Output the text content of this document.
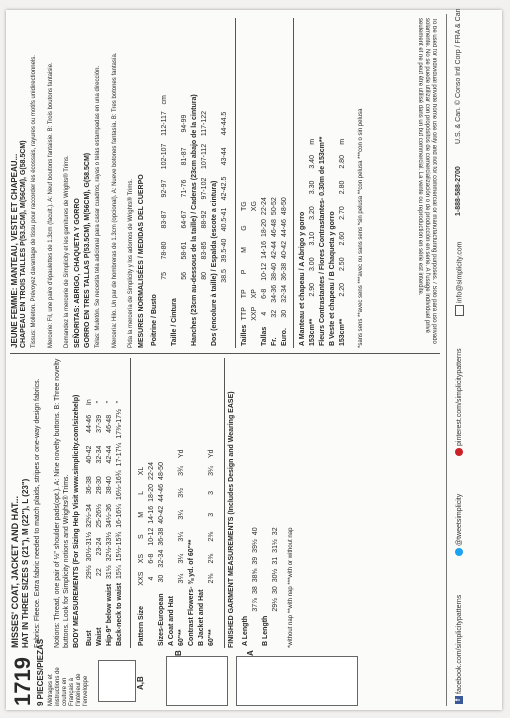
1719 9 PIECES/PIEZAS Métrages et instructions de couture en Français à l'intérieur de l'enveloppe	A,B
B	A
MISSES' COAT, JACKET AND HAT... HAT IN THREE SIZES S (21"), M (22"), L (23") Fabrics: Fleece. Extra fabric needed to match plaids, stripes or one-way design fabrics. Notions: Thread, one pair of ½" shoulder pads(opt.). A: Nine novelty buttons. B: Three novelty buttons. Look for Simplicity notions and Wrights® Trims. BODY MEASUREMENTS (For Sizing Help Visit www.simplicity.com/sizehelp) Bust	29½	30½-31½	32½-34	36-38	40-42	44-46	In
Waist	22	23-24	25-26½	28-30	32-34	37-39	"
Hip-9" below waist	31½	32½-33½	34½-36	38-40	42-44	46-48	"
Back-neck to waist	15¼	15½-15¾	16-16¼	16½-16¾	17-17¼	17⅜-17½	"
Pattern Size	XXS	XS	S	M	L	XL	
	4	6-8	10-12	14-16	18-20	22-24	
Sizes-European	30	32-34	36-38	40-42	44-46	48-50	
A Coat and Hat							
60"**	3¼	3¼	3¼	3¼	3½	3¾	Yd
Contrast Flowers- ⅜ yd. of 60"**							
B Jacket and Hat							
60"**	2⅜	2⅜	2⅜	3	3	3¼	Yd FINISHED GARMENT MEASUREMENTS (Includes Design and Wearing EASE) A Length						
	37⅞	38	38⅝	39	39½	40
B Length						
	29½	30	30½	31	31½	32 *without nap **with nap ***with or without nap
JEUNE FEMME: MANTEAU, VESTE ET CHAPEAU... CHAPEAU EN TROIS TAILLES P(53.5CM), M(56CM), G(58.5CM) Tissus: Molleton. Prévoyez davantage de tissu pour raccorder les écossais, rayures ou motifs unidirectionnels. Mercerie: Fil, une paire d'épaulettes de 1.3cm (facult.). A: Neuf boutons fantaisie. B: Trois boutons fantaisie. Demandez la mercerie de Simplicity et les garnitures de Wrights® Trims. SEÑORITAS: ABRIGO, CHAQUETA Y GORRO GORRO EN TRES TALLAS P(53.5CM), M(56CM), G(58.5CM) Telas: Muletón. Se necesita tela adicional para casar cuadros, rayas o telas estampadas en una dirección. Mercería: Hilo. Un par de hombreras de 1.3cm (opcional). A: Nueve botones fantasía. B: Tres botones fantasía. Pida la mercería de Simplicity y los adornos de Wrights® Trims. MESURES NORMALISÉES / MEDIDAS DEL CUERPO Poitrine / Busto							
	75	78-80	83-87	92-97	102-107	112-117	cm
Taille / Cintura							
	56	58-61	64-67	71-76	81-87	94-99	
Hanches (23cm au-dessous de la taille) / Caderas (23cm abajo de la cintura)							
	80	83-85	88-92	97-102	107-112	117-122	
Dos (encolure à taille) / Espalda (escote a cintura)							
	38.5	39.5-40	40.5-41	42-42.5	43-44	44-44.5	
Tailles	TTP	TP	P	M	G	TG
	XXP	XP				XG
Tallas	4	6-8	10-12	14-16	18-20	22-24
Fr.	32	34-36	38-40	42-44	46-48	50-52
Euro.	30	32-34	36-38	40-42	44-46	48-50
A Manteau et chapeau / A Abrigo y gorro							
153cm**	2.90	3.00	3.10	3.20	3.30	3.40	m
Fleurs Contrastantes / Flores Contrastantes- 0.30m de 153cm**							
B Veste et chapeau / B Chaqueta y gorro							
153cm**	2.20	2.50	2.60	2.70	2.80	2.80	m *sans sens **avec sens ***avec ou sans sens *sin pelusa **con pelusa ***con o sin pelusa	To be used for individual private home use only and not for commercial or manufacturing purposes. / Solo para uso privado solamente. No se puede utilizar con propósitos de comercialización o de producción en serie. A l'usage individuel privé seulement et ne peut être utilisé dans un but commercial. La vente ou reproduction en série est interdite.
ffacebook.com/simplicitypatterns
@tweetsimplicity
pinterest.com/simplicitypatterns
info@simplicity.com
1-888-588-2700
U.S. & Can. © Conso Intl Corp / FRA & Can
